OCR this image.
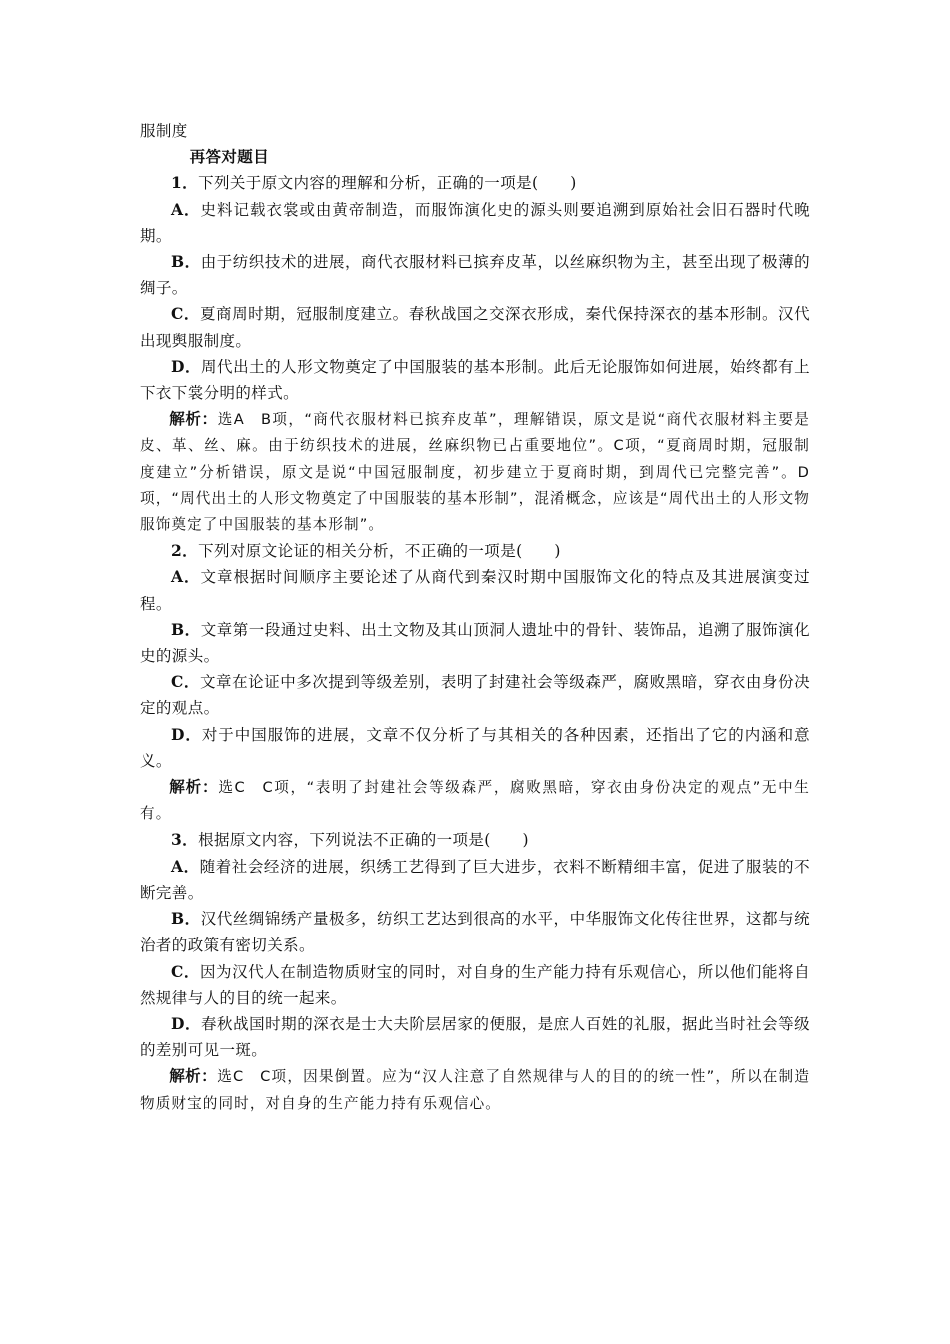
服制度

再答对题目

1．下列关于原文内容的理解和分析，正确的一项是(　　)

A．史料记载衣裳或由黄帝制造，而服饰演化史的源头则要追溯到原始社会旧石器时代晚期。

B．由于纺织技术的进展，商代衣服材料已摈弃皮革，以丝麻织物为主，甚至出现了极薄的绸子。

C．夏商周时期，冠服制度建立。春秋战国之交深衣形成，秦代保持深衣的基本形制。汉代出现舆服制度。

D．周代出土的人形文物奠定了中国服装的基本形制。此后无论服饰如何进展，始终都有上下衣下裳分明的样式。

解析：选A　B项，“商代衣服材料已摈弃皮革”，理解错误，原文是说“商代衣服材料主要是皮、革、丝、麻。由于纺织技术的进展，丝麻织物已占重要地位”。C项，“夏商周时期，冠服制度建立”分析错误，原文是说“中国冠服制度，初步建立于夏商时期，到周代已完整完善”。D项，“周代出土的人形文物奠定了中国服装的基本形制”，混淆概念，应该是“周代出土的人形文物服饰奠定了中国服装的基本形制”。

2．下列对原文论证的相关分析，不正确的一项是(　　)

A．文章根据时间顺序主要论述了从商代到秦汉时期中国服饰文化的特点及其进展演变过程。

B．文章第一段通过史料、出土文物及其山顶洞人遗址中的骨针、装饰品，追溯了服饰演化史的源头。

C．文章在论证中多次提到等级差别，表明了封建社会等级森严，腐败黑暗，穿衣由身份决定的观点。

D．对于中国服饰的进展，文章不仅分析了与其相关的各种因素，还指出了它的内涵和意义。

解析：选C　C项，“表明了封建社会等级森严，腐败黑暗，穿衣由身份决定的观点”无中生有。

3．根据原文内容，下列说法不正确的一项是(　　)

A．随着社会经济的进展，织绣工艺得到了巨大进步，衣料不断精细丰富，促进了服装的不断完善。

B．汉代丝绸锦绣产量极多，纺织工艺达到很高的水平，中华服饰文化传往世界，这都与统治者的政策有密切关系。

C．因为汉代人在制造物质财宝的同时，对自身的生产能力持有乐观信心，所以他们能将自然规律与人的目的统一起来。

D．春秋战国时期的深衣是士大夫阶层居家的便服，是庶人百姓的礼服，据此当时社会等级的差别可见一斑。

解析：选C　C项，因果倒置。应为“汉人注意了自然规律与人的目的的统一性”，所以在制造物质财宝的同时，对自身的生产能力持有乐观信心。
